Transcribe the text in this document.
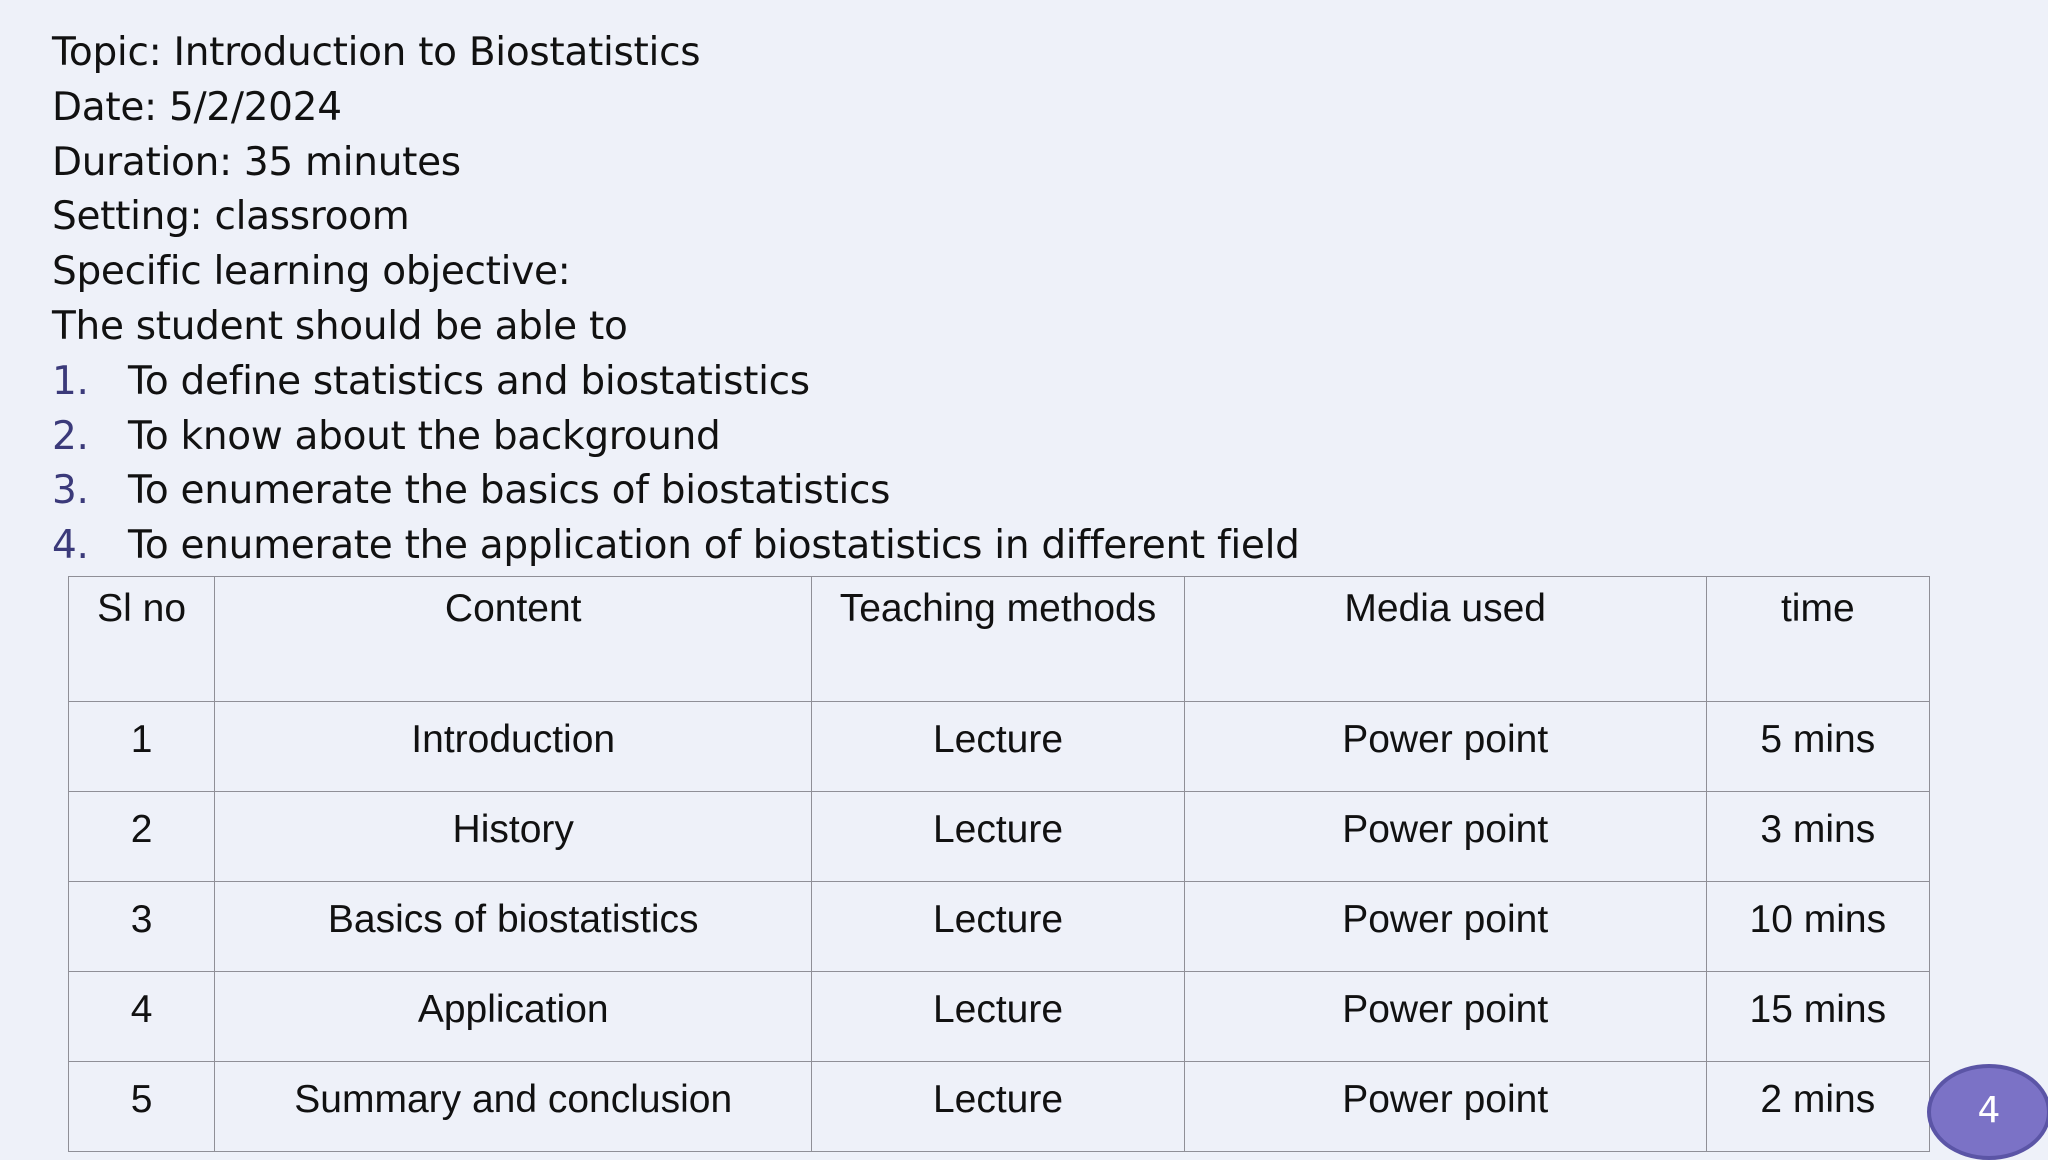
Topic: Introduction to Biostatistics
Date: 5/2/2024
Duration: 35 minutes
Setting: classroom
Specific learning objective:
The student should be able to
1.	To define statistics and biostatistics
2.	To know about the background
3.	To enumerate the basics of biostatistics
4.	To enumerate the application of biostatistics in different field
Sl no	Content	Teaching methods	Media used	time
1	Introduction	Lecture	Power point	5 mins
2	History	Lecture	Power point	3 mins
3	Basics of biostatistics	Lecture	Power point	10 mins
4	Application	Lecture	Power point	15 mins
5	Summary and conclusion	Lecture	Power point	2 mins	4
